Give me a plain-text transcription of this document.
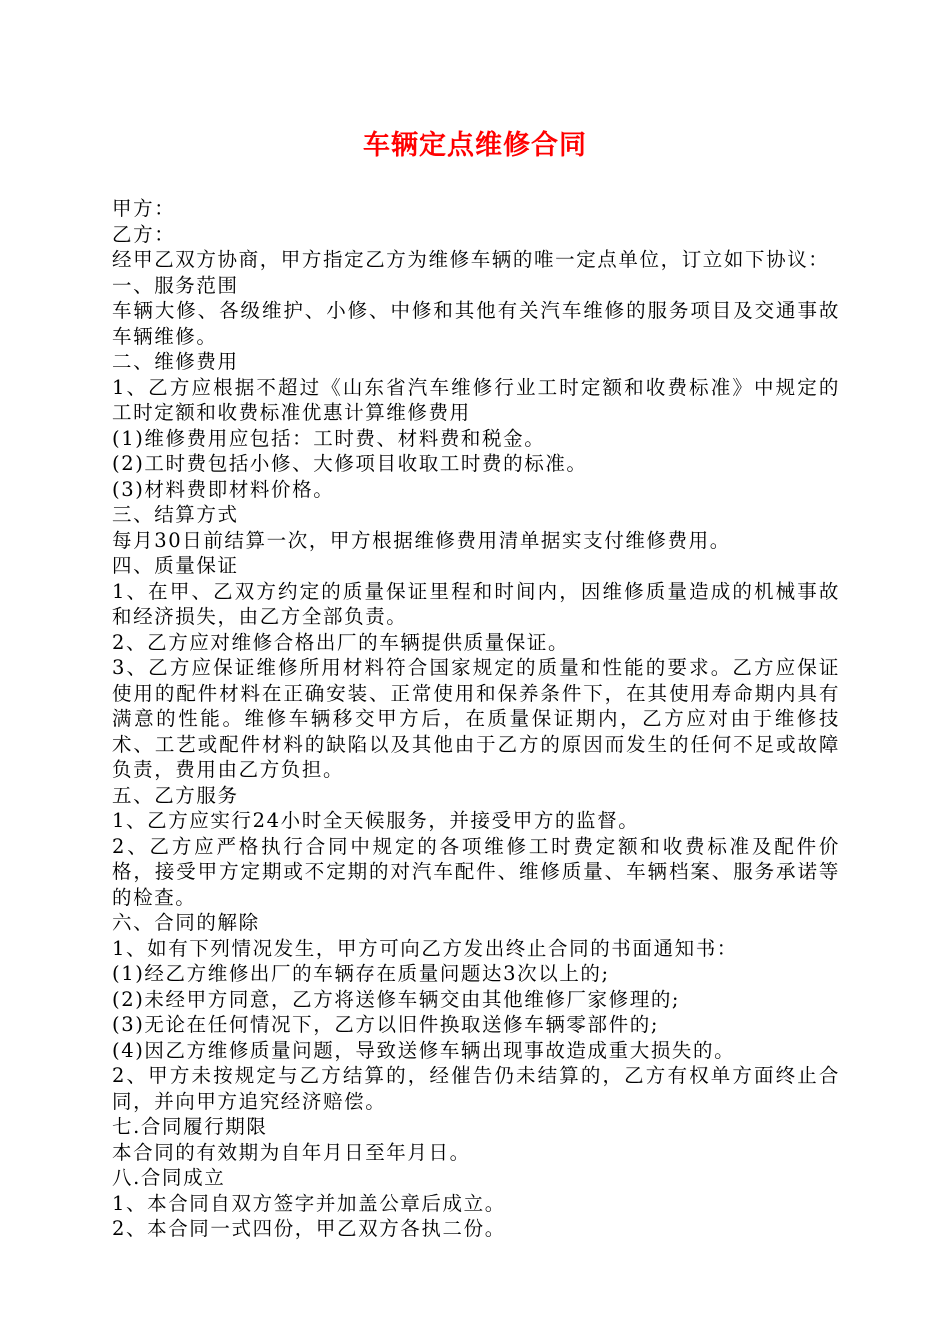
车辆定点维修合同

甲方：

乙方：

经甲乙双方协商，甲方指定乙方为维修车辆的唯一定点单位，订立如下协议：

一、服务范围

车辆大修、各级维护、小修、中修和其他有关汽车维修的服务项目及交通事故车辆维修。

二、维修费用

1、乙方应根据不超过《山东省汽车维修行业工时定额和收费标准》中规定的工时定额和收费标准优惠计算维修费用

(1)维修费用应包括：工时费、材料费和税金。

(2)工时费包括小修、大修项目收取工时费的标准。

(3)材料费即材料价格。

三、结算方式

每月30日前结算一次，甲方根据维修费用清单据实支付维修费用。

四、质量保证

1、在甲、乙双方约定的质量保证里程和时间内，因维修质量造成的机械事故和经济损失，由乙方全部负责。

2、乙方应对维修合格出厂的车辆提供质量保证。

3、乙方应保证维修所用材料符合国家规定的质量和性能的要求。乙方应保证使用的配件材料在正确安装、正常使用和保养条件下，在其使用寿命期内具有满意的性能。维修车辆移交甲方后，在质量保证期内，乙方应对由于维修技术、工艺或配件材料的缺陷以及其他由于乙方的原因而发生的任何不足或故障负责，费用由乙方负担。

五、乙方服务

1、乙方应实行24小时全天候服务，并接受甲方的监督。

2、乙方应严格执行合同中规定的各项维修工时费定额和收费标准及配件价格，接受甲方定期或不定期的对汽车配件、维修质量、车辆档案、服务承诺等的检查。

六、合同的解除

1、如有下列情况发生，甲方可向乙方发出终止合同的书面通知书：

(1)经乙方维修出厂的车辆存在质量问题达3次以上的;

(2)未经甲方同意，乙方将送修车辆交由其他维修厂家修理的;

(3)无论在任何情况下，乙方以旧件换取送修车辆零部件的;

(4)因乙方维修质量问题，导致送修车辆出现事故造成重大损失的。

2、甲方未按规定与乙方结算的，经催告仍未结算的，乙方有权单方面终止合同，并向甲方追究经济赔偿。

七.合同履行期限

本合同的有效期为自年月日至年月日。

八.合同成立

1、本合同自双方签字并加盖公章后成立。

2、本合同一式四份，甲乙双方各执二份。
